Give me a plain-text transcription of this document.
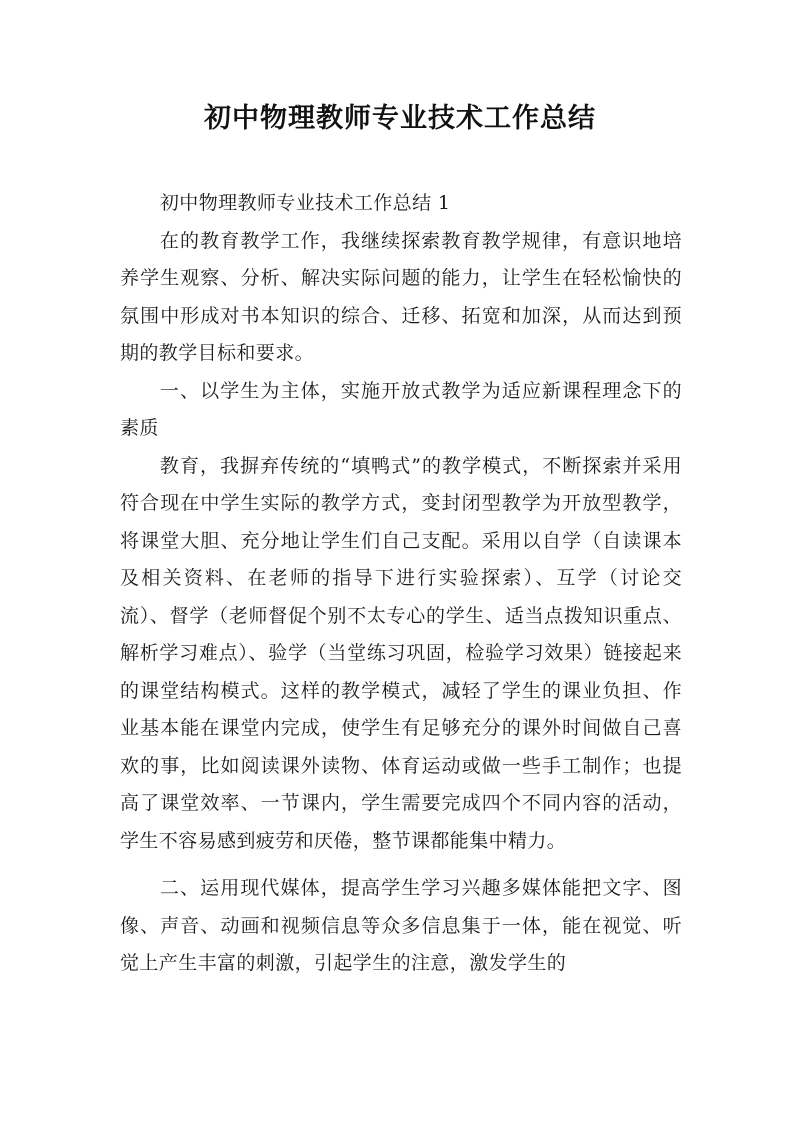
初中物理教师专业技术工作总结

初中物理教师专业技术工作总结 1

在的教育教学工作，我继续探索教育教学规律，有意识地培养学生观察、分析、解决实际问题的能力，让学生在轻松愉快的氛围中形成对书本知识的综合、迁移、拓宽和加深，从而达到预期的教学目标和要求。

一、以学生为主体，实施开放式教学为适应新课程理念下的素质

教育，我摒弃传统的“填鸭式”的教学模式，不断探索并采用符合现在中学生实际的教学方式，变封闭型教学为开放型教学，将课堂大胆、充分地让学生们自己支配。采用以自学（自读课本及相关资料、在老师的指导下进行实验探索）、互学（讨论交流）、督学（老师督促个别不太专心的学生、适当点拨知识重点、解析学习难点）、验学（当堂练习巩固，检验学习效果）链接起来的课堂结构模式。这样的教学模式，减轻了学生的课业负担、作业基本能在课堂内完成，使学生有足够充分的课外时间做自己喜欢的事，比如阅读课外读物、体育运动或做一些手工制作；也提高了课堂效率、一节课内，学生需要完成四个不同内容的活动，学生不容易感到疲劳和厌倦，整节课都能集中精力。

二、运用现代媒体，提高学生学习兴趣多媒体能把文字、图像、声音、动画和视频信息等众多信息集于一体，能在视觉、听觉上产生丰富的刺激，引起学生的注意，激发学生的
